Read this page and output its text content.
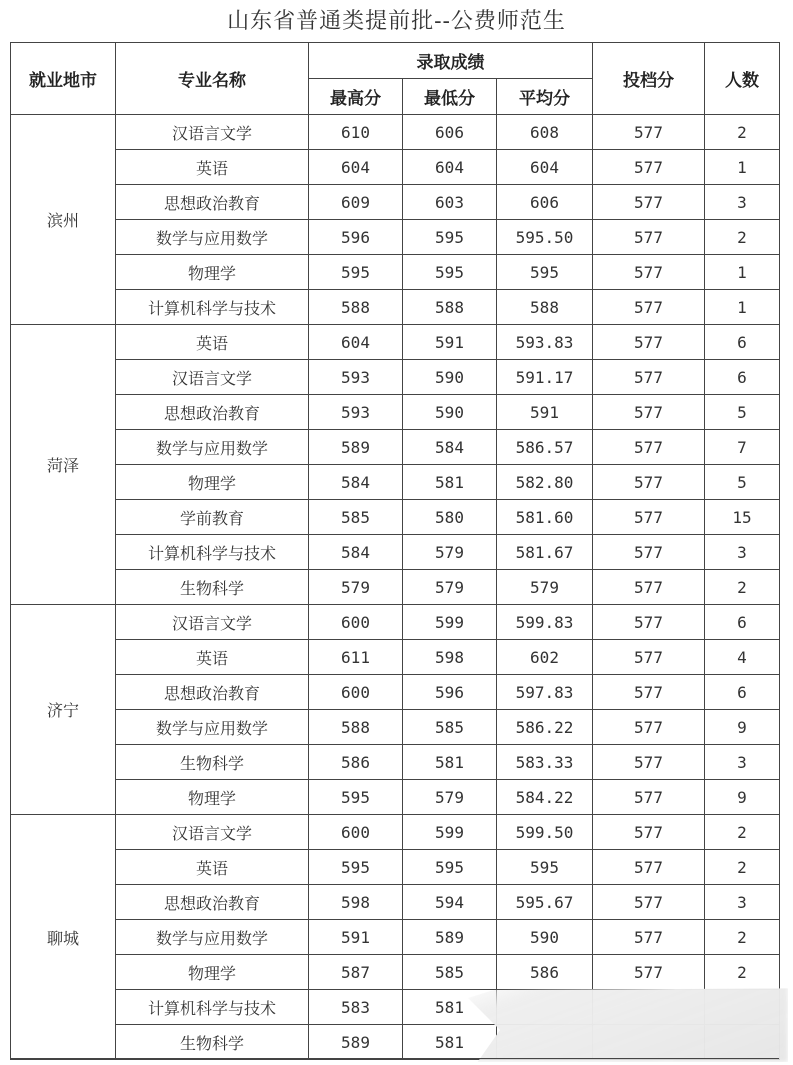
山东省普通类提前批--公费师范生
就业地市	专业名称	录取成绩			投档分	人数
		最高分	最低分	平均分		
滨州	汉语言文学	610	606	608	577	2
	英语	604	604	604	577	1
	思想政治教育	609	603	606	577	3
	数学与应用数学	596	595	595.50	577	2
	物理学	595	595	595	577	1
	计算机科学与技术	588	588	588	577	1
菏泽	英语	604	591	593.83	577	6
	汉语言文学	593	590	591.17	577	6
	思想政治教育	593	590	591	577	5
	数学与应用数学	589	584	586.57	577	7
	物理学	584	581	582.80	577	5
	学前教育	585	580	581.60	577	15
	计算机科学与技术	584	579	581.67	577	3
	生物科学	579	579	579	577	2
济宁	汉语言文学	600	599	599.83	577	6
	英语	611	598	602	577	4
	思想政治教育	600	596	597.83	577	6
	数学与应用数学	588	585	586.22	577	9
	生物科学	586	581	583.33	577	3
	物理学	595	579	584.22	577	9
聊城	汉语言文学	600	599	599.50	577	2
	英语	595	595	595	577	2
	思想政治教育	598	594	595.67	577	3
	数学与应用数学	591	589	590	577	2
	物理学	587	585	586	577	2
	计算机科学与技术	583	581			
	生物科学	589	581			
